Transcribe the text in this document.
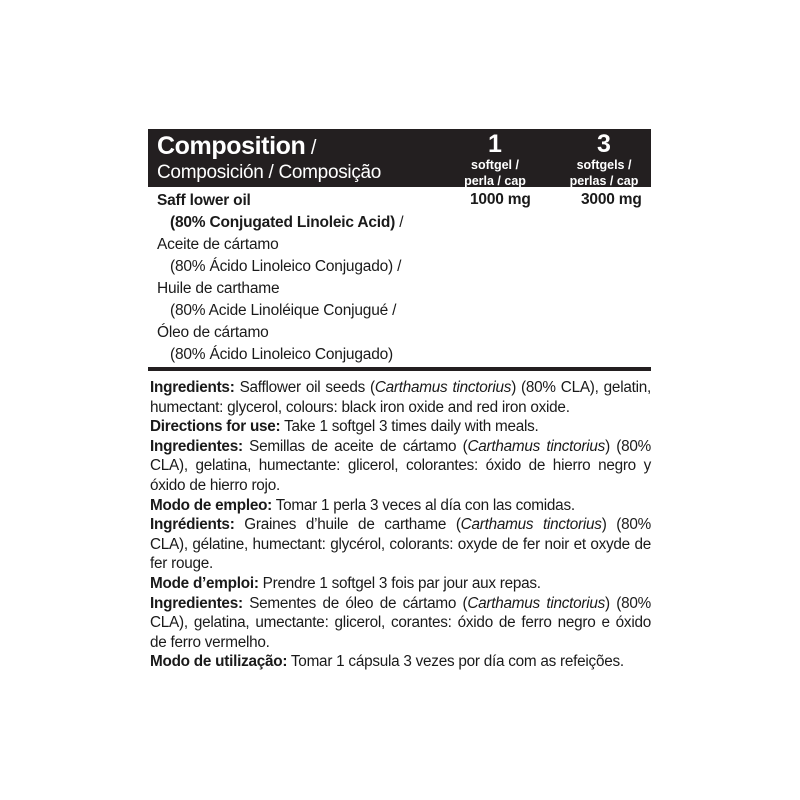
Composition /
Composición / Composição
1
softgel /
perla / cap
3
softgels /
perlas / cap
Saff lower oil
(80% Conjugated Linoleic Acid) /
Aceite de cártamo
(80% Ácido Linoleico Conjugado) /
Huile de carthame
(80% Acide Linoléique Conjugué /
Óleo de cártamo
(80% Ácido Linoleico Conjugado)
1000 mg	3000 mg

Ingredients: Safflower oil seeds (Carthamus tinctorius) (80% CLA), gelatin, humectant: glycerol, colours: black iron oxide and red iron oxide.

Directions for use: Take 1 softgel 3 times daily with meals.

Ingredientes: Semillas de aceite de cártamo (Carthamus tinctorius) (80% CLA), gelatina, humectante: glicerol, colorantes: óxido de hierro negro y óxido de hierro rojo.

Modo de empleo: Tomar 1 perla 3 veces al día con las comidas.

Ingrédients: Graines d’huile de carthame (Carthamus tinctorius) (80% CLA), gélatine, humectant: glycérol, colorants: oxyde de fer noir et oxyde de fer rouge.

Mode d’emploi: Prendre 1 softgel 3 fois par jour aux repas.

Ingredientes: Sementes de óleo de cártamo (Carthamus tinctorius) (80% CLA), gelatina, umectante: glicerol, corantes: óxido de ferro negro e óxido de ferro vermelho.

Modo de utilização: Tomar 1 cápsula 3 vezes por día com as refeições.
